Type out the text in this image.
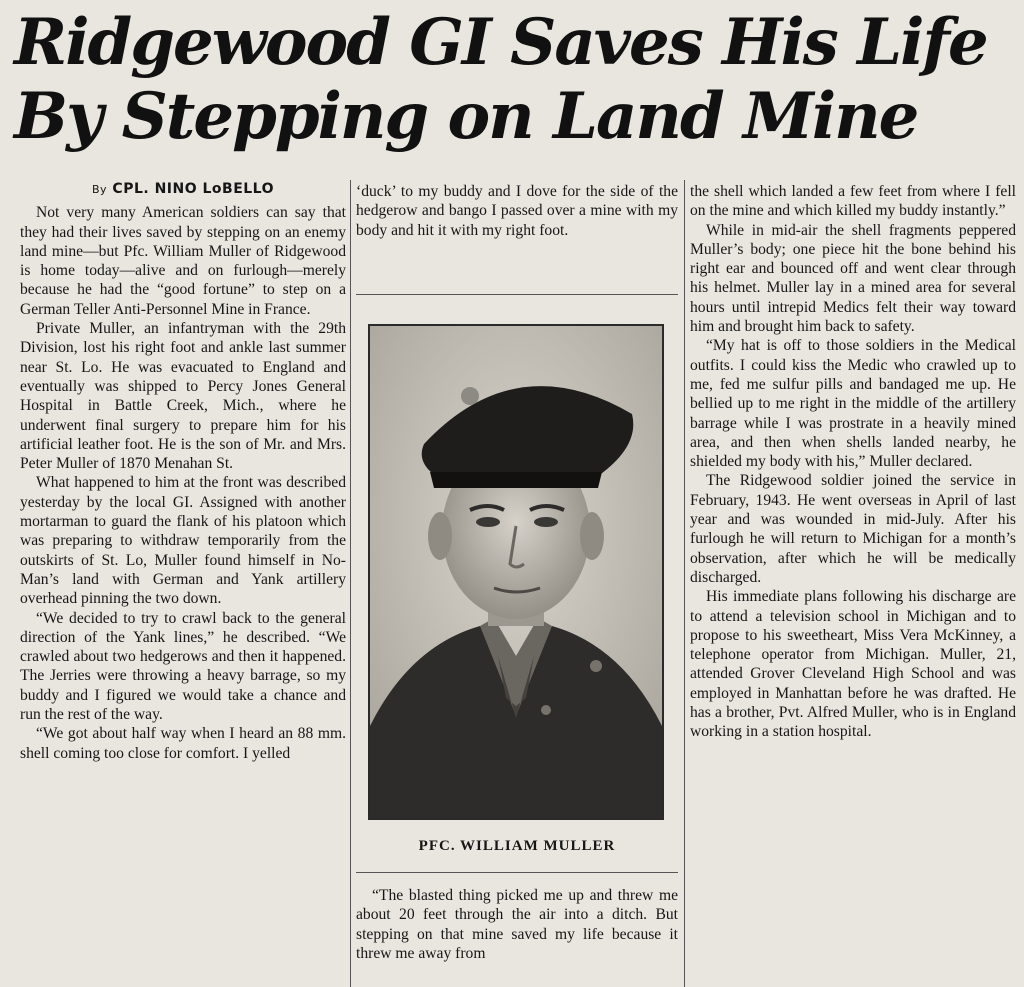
Ridgewood GI Saves His Life
By Stepping on Land Mine
By CPL. NINO LoBELLO

Not very many American soldiers can say that they had their lives saved by stepping on an enemy land mine—but Pfc. William Muller of Ridgewood is home today—alive and on furlough—merely because he had the “good fortune” to step on a German Teller Anti-Personnel Mine in France.

Private Muller, an infantryman with the 29th Division, lost his right foot and ankle last summer near St. Lo. He was evacuated to England and eventually was shipped to Percy Jones General Hospital in Battle Creek, Mich., where he underwent final surgery to prepare him for his artificial leather foot. He is the son of Mr. and Mrs. Peter Muller of 1870 Menahan St.

What happened to him at the front was described yesterday by the local GI. Assigned with another mortarman to guard the flank of his platoon which was preparing to withdraw temporarily from the outskirts of St. Lo, Muller found himself in No-Man’s land with German and Yank artillery overhead pinning the two down.

“We decided to try to crawl back to the general direction of the Yank lines,” he described. “We crawled about two hedgerows and then it happened. The Jerries were throwing a heavy barrage, so my buddy and I figured we would take a chance and run the rest of the way.

“We got about half way when I heard an 88 mm. shell coming too close for comfort. I yelled

‘duck’ to my buddy and I dove for the side of the hedgerow and bango I passed over a mine with my body and hit it with my right foot.

PFC. WILLIAM MULLER

“The blasted thing picked me up and threw me about 20 feet through the air into a ditch. But stepping on that mine saved my life because it threw me away from

the shell which landed a few feet from where I fell on the mine and which killed my buddy instantly.”

While in mid-air the shell fragments peppered Muller’s body; one piece hit the bone behind his right ear and bounced off and went clear through his helmet. Muller lay in a mined area for several hours until intrepid Medics felt their way toward him and brought him back to safety.

“My hat is off to those soldiers in the Medical outfits. I could kiss the Medic who crawled up to me, fed me sulfur pills and bandaged me up. He bellied up to me right in the middle of the artillery barrage while I was prostrate in a heavily mined area, and then when shells landed nearby, he shielded my body with his,” Muller declared.

The Ridgewood soldier joined the service in February, 1943. He went overseas in April of last year and was wounded in mid-July. After his furlough he will return to Michigan for a month’s observation, after which he will be medically discharged.

His immediate plans following his discharge are to attend a television school in Michigan and to propose to his sweetheart, Miss Vera McKinney, a telephone operator from Michigan. Muller, 21, attended Grover Cleveland High School and was employed in Manhattan before he was drafted. He has a brother, Pvt. Alfred Muller, who is in England working in a station hospital.
